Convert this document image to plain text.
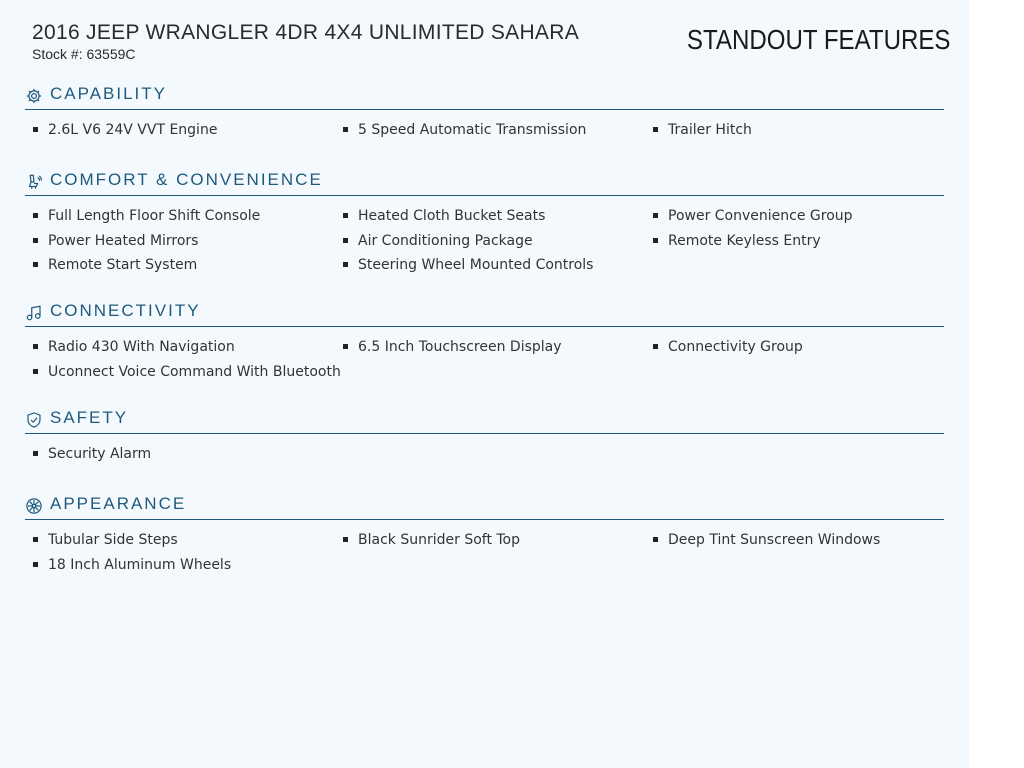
2016 JEEP WRANGLER 4DR 4X4 UNLIMITED SAHARA
Stock #: 63559C	STANDOUT FEATURES
CAPABILITY
2.6L V6 24V VVT Engine	5 Speed Automatic Transmission	Trailer Hitch
COMFORT & CONVENIENCE
Full Length Floor Shift Console	Heated Cloth Bucket Seats	Power Convenience Group
Power Heated Mirrors	Air Conditioning Package	Remote Keyless Entry
Remote Start System	Steering Wheel Mounted Controls
CONNECTIVITY
Radio 430 With Navigation	6.5 Inch Touchscreen Display	Connectivity Group
Uconnect Voice Command With Bluetooth
SAFETY
Security Alarm
APPEARANCE
Tubular Side Steps	Black Sunrider Soft Top	Deep Tint Sunscreen Windows
18 Inch Aluminum Wheels
